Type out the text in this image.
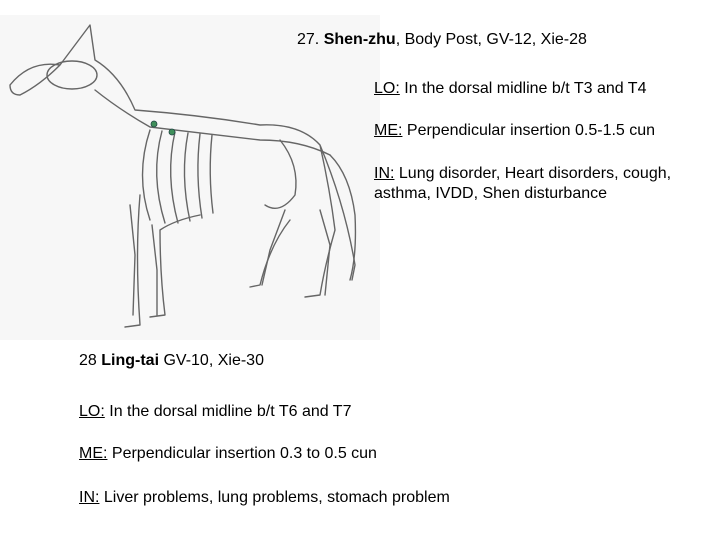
27. Shen-zhu, Body Post, GV-12, Xie-28
LO: In the dorsal midline b/t T3 and T4
ME: Perpendicular insertion 0.5-1.5 cun
IN: Lung disorder, Heart disorders, cough, asthma, IVDD, Shen disturbance
28 Ling-tai GV-10, Xie-30
LO: In the dorsal midline b/t T6 and T7
ME: Perpendicular insertion 0.3 to 0.5 cun
IN: Liver problems, lung problems, stomach problem
